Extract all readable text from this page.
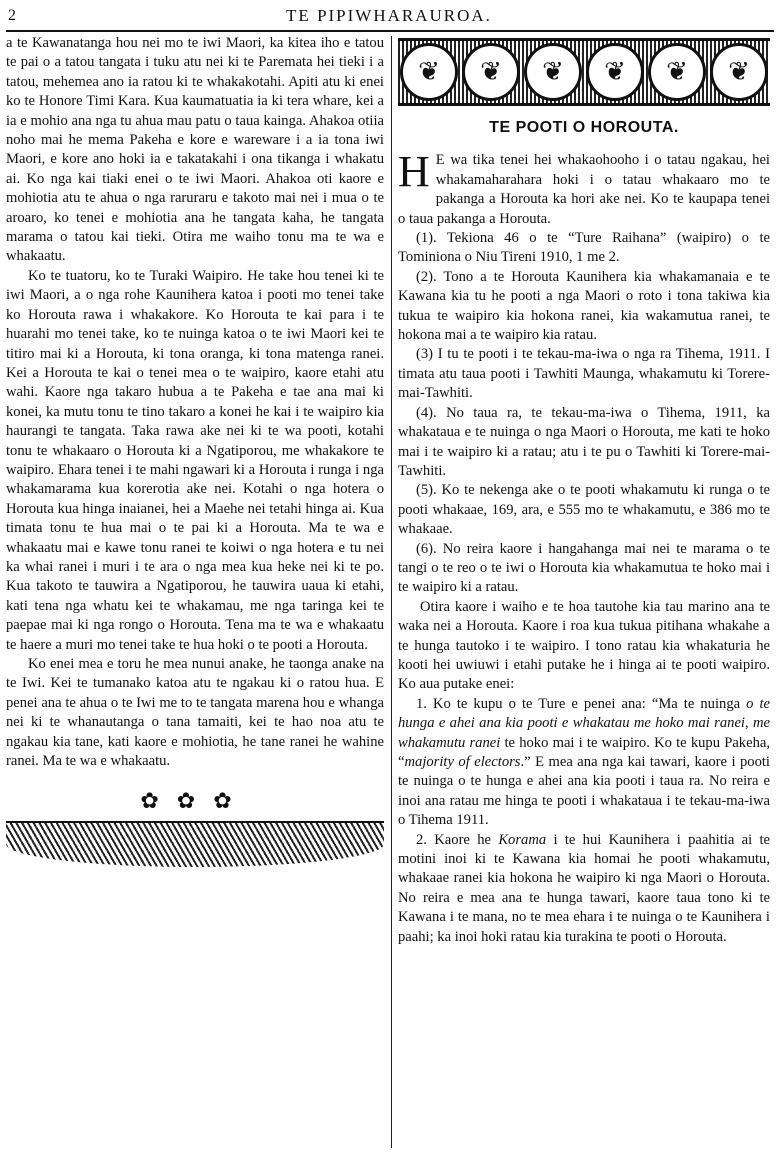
2	TE PIPIWHARAUROA.

a te Kawanatanga hou nei mo te iwi Maori, ka kitea iho e tatou te pai o a tatou tangata i tuku atu nei ki te Paremata hei tieki i a tatou, mehemea ano ia ratou ki te whakakotahi. Apiti atu ki enei ko te Honore Timi Kara. Kua kaumatuatia ia ki tera whare, kei a ia e mohio ana nga tu ahua mau patu o taua kainga. Ahakoa otiia noho mai he mema Pakeha e kore e wareware i a ia tona iwi Maori, e kore ano hoki ia e takatakahi i ona tikanga i whakatu ai. Ko nga kai tiaki enei o te iwi Maori. Ahakoa oti kaore e mohiotia atu te ahua o nga raruraru e takoto mai nei i mua o te aroaro, ko tenei e mohiotia ana he tangata kaha, he tangata marama o tatou kai tieki. Otira me waiho tonu ma te wa e whakaatu.

Ko te tuatoru, ko te Turaki Waipiro. He take hou tenei ki te iwi Maori, a o nga rohe Kaunihera katoa i pooti mo tenei take ko Horouta rawa i whakakore. Ko Horouta te kai para i te huarahi mo tenei take, ko te nuinga katoa o te iwi Maori kei te titiro mai ki a Horouta, ki tona oranga, ki tona matenga ranei. Kei a Horouta te kai o tenei mea o te waipiro, kaore etahi atu wahi. Kaore nga takaro hubua a te Pakeha e tae ana mai ki konei, ka mutu tonu te tino takaro a konei he kai i te waipiro kia haurangi te tangata. Taka rawa ake nei ki te wa pooti, kotahi tonu te whakaaro o Horouta ki a Ngatiporou, me whakakore te waipiro. Ehara tenei i te mahi ngawari ki a Horouta i runga i nga whakamarama kua korerotia ake nei. Kotahi o nga hotera o Horouta kua hinga inaianei, hei a Maehe nei tetahi hinga ai. Kua timata tonu te hua mai o te pai ki a Horouta. Ma te wa e whakaatu mai e kawe tonu ranei te koiwi o nga hotera e tu nei ka whai ranei i muri i te ara o nga mea kua heke nei ki te po. Kua takoto te tauwira a Ngatiporou, he tauwira uaua ki etahi, kati tena nga whatu kei te whakamau, me nga taringa kei te paepae mai ki nga rongo o Horouta. Tena ma te wa e whakaatu te haere a muri mo tenei take te hua hoki o te pooti a Horouta.

Ko enei mea e toru he mea nunui anake, he taonga anake na te Iwi. Kei te tumanako katoa atu te ngakau ki o ratou hua. E penei ana te ahua o te Iwi me to te tangata marena hou e whanga nei ki te whanautanga o tana tamaiti, kei te hao noa atu te ngakau kia tane, kati kaore e mohiotia, he tane ranei he wahine ranei. Ma te wa e whakaatu.

✿✿✿
❦	❦	❦	❦	❦	❦
TE POOTI O HOROUTA.

H E wa tika tenei hei whakaohooho i o tatau ngakau, hei whakamaharahara hoki i o tatau whakaaro mo te pakanga a Horouta ka hori ake nei. Ko te kaupapa tenei o taua pakanga a Horouta.

(1). Tekiona 46 o te “Ture Raihana” (waipiro) o te Tominiona o Niu Tireni 1910, 1 me 2.

(2). Tono a te Horouta Kaunihera kia whakamanaia e te Kawana kia tu he pooti a nga Maori o roto i tona takiwa kia tukua te waipiro kia hokona ranei, kia wakamutua ranei, te hokona mai a te waipiro kia ratau.

(3) I tu te pooti i te tekau-ma-iwa o nga ra Tihema, 1911. I timata atu taua pooti i Tawhiti Maunga, whakamutu ki Torere-mai-Tawhiti.

(4). No taua ra, te tekau-ma-iwa o Tihema, 1911, ka whakataua e te nuinga o nga Maori o Horouta, me kati te hoko mai i te waipiro ki a ratau; atu i te pu o Tawhiti ki Torere-mai-Tawhiti.

(5). Ko te nekenga ake o te pooti whakamutu ki runga o te pooti whakaae, 169, ara, e 555 mo te whakamutu, e 386 mo te whakaae.

(6). No reira kaore i hangahanga mai nei te marama o te tangi o te reo o te iwi o Horouta kia whakamutua te hoko mai i te waipiro ki a ratau.

Otira kaore i waiho e te hoa tautohe kia tau marino ana te waka nei a Horouta. Kaore i roa kua tukua pitihana whakahe a te hunga tautoko i te waipiro. I tono ratau kia whakaturia he kooti hei uwiuwi i etahi putake he i hinga ai te pooti waipiro. Ko aua putake enei:

1. Ko te kupu o te Ture e penei ana: “Ma te nuinga o te hunga e ahei ana kia pooti e whakatau me hoko mai ranei, me whakamutu ranei te hoko mai i te waipiro. Ko te kupu Pakeha, “majority of electors.” E mea ana nga kai tawari, kaore i pooti te nuinga o te hunga e ahei ana kia pooti i taua ra. No reira e inoi ana ratau me hinga te pooti i whakataua i te tekau-ma-iwa o Tihema 1911.

2. Kaore he Korama i te hui Kaunihera i paahitia ai te motini inoi ki te Kawana kia homai he pooti whakamutu, whakaae ranei kia hokona he waipiro ki nga Maori o Horouta. No reira e mea ana te hunga tawari, kaore taua tono ki te Kawana i te mana, no te mea ehara i te nuinga o te Kaunihera i paahi; ka inoi hoki ratau kia turakina te pooti o Horouta.
